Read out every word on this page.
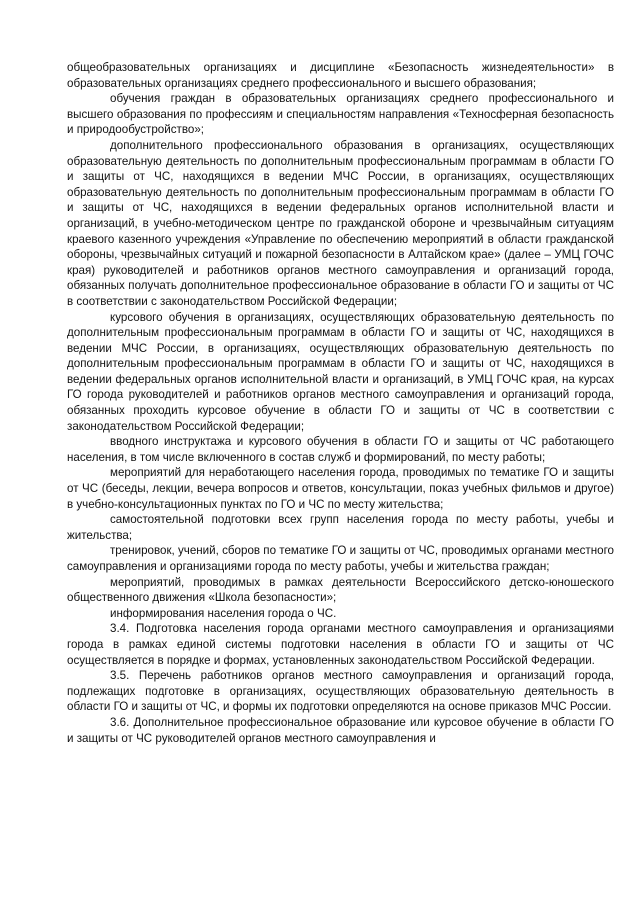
общеобразовательных организациях и дисциплине «Безопасность жизнедеятельности» в образовательных организациях среднего профессионального и высшего образования;

обучения граждан в образовательных организациях среднего профессионального и высшего образования по профессиям и специальностям направления «Техносферная безопасность и природообустройство»;

дополнительного профессионального образования в организациях, осуществляющих образовательную деятельность по дополнительным профессиональным программам в области ГО и защиты от ЧС, находящихся в ведении МЧС России, в организациях, осуществляющих образовательную деятельность по дополнительным профессиональным программам в области ГО и защиты от ЧС, находящихся в ведении федеральных органов исполнительной власти и организаций, в учебно-методическом центре по гражданской обороне и чрезвычайным ситуациям краевого казенного учреждения «Управление по обеспечению мероприятий в области гражданской обороны, чрезвычайных ситуаций и пожарной безопасности в Алтайском крае» (далее – УМЦ ГОЧС края) руководителей и работников органов местного самоуправления и организаций города, обязанных получать дополнительное профессиональное образование в области ГО и защиты от ЧС в соответствии с законодательством Российской Федерации;

курсового обучения в организациях, осуществляющих образовательную деятельность по дополнительным профессиональным программам в области ГО и защиты от ЧС, находящихся в ведении МЧС России, в организациях, осуществляющих образовательную деятельность по дополнительным профессиональным программам в области ГО и защиты от ЧС, находящихся в ведении федеральных органов исполнительной власти и организаций, в УМЦ ГОЧС края, на курсах ГО города руководителей и работников органов местного самоуправления и организаций города, обязанных проходить курсовое обучение в области ГО и защиты от ЧС в соответствии с законодательством Российской Федерации;

вводного инструктажа и курсового обучения в области ГО и защиты от ЧС работающего населения, в том числе включенного в состав служб и формирований, по месту работы;

мероприятий для неработающего населения города, проводимых по тематике ГО и защиты от ЧС (беседы, лекции, вечера вопросов и ответов, консультации, показ учебных фильмов и другое) в учебно-консультационных пунктах по ГО и ЧС по месту жительства;

самостоятельной подготовки всех групп населения города по месту работы, учебы и жительства;

тренировок, учений, сборов по тематике ГО и защиты от ЧС, проводимых органами местного самоуправления и организациями города по месту работы, учебы и жительства граждан;

мероприятий, проводимых в рамках деятельности Всероссийского детско-юношеского общественного движения «Школа безопасности»;

информирования населения города о ЧС.

3.4. Подготовка населения города органами местного самоуправления и организациями города в рамках единой системы подготовки населения в области ГО и защиты от ЧС осуществляется в порядке и формах, установленных законодательством Российской Федерации.

3.5. Перечень работников органов местного самоуправления и организаций города, подлежащих подготовке в организациях, осуществляющих образовательную деятельность в области ГО и защиты от ЧС, и формы их подготовки определяются на основе приказов МЧС России.

3.6. Дополнительное профессиональное образование или курсовое обучение в области ГО и защиты от ЧС руководителей органов местного самоуправления и
